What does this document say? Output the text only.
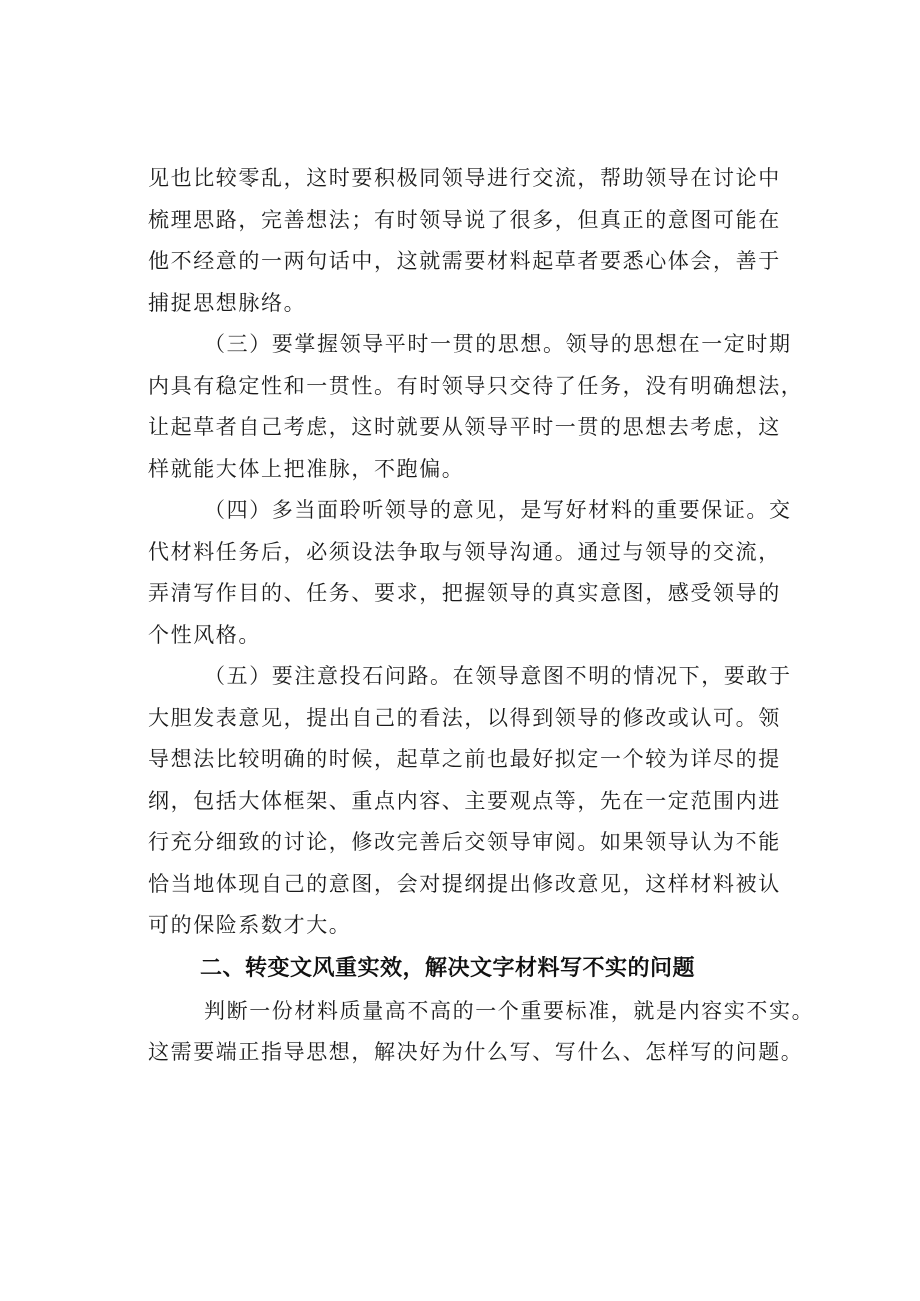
见也比较零乱，这时要积极同领导进行交流，帮助领导在讨论中
梳理思路，完善想法；有时领导说了很多，但真正的意图可能在
他不经意的一两句话中，这就需要材料起草者要悉心体会，善于
捕捉思想脉络。

（三）要掌握领导平时一贯的思想。领导的思想在一定时期
内具有稳定性和一贯性。有时领导只交待了任务，没有明确想法，
让起草者自己考虑，这时就要从领导平时一贯的思想去考虑，这
样就能大体上把准脉，不跑偏。

（四）多当面聆听领导的意见，是写好材料的重要保证。交
代材料任务后，必须设法争取与领导沟通。通过与领导的交流，
弄清写作目的、任务、要求，把握领导的真实意图，感受领导的
个性风格。

（五）要注意投石问路。在领导意图不明的情况下，要敢于
大胆发表意见，提出自己的看法，以得到领导的修改或认可。领
导想法比较明确的时候，起草之前也最好拟定一个较为详尽的提
纲，包括大体框架、重点内容、主要观点等，先在一定范围内进
行充分细致的讨论，修改完善后交领导审阅。如果领导认为不能
恰当地体现自己的意图，会对提纲提出修改意见，这样材料被认
可的保险系数才大。

二、转变文风重实效，解决文字材料写不实的问题

判断一份材料质量高不高的一个重要标准，就是内容实不实。
这需要端正指导思想，解决好为什么写、写什么、怎样写的问题。
